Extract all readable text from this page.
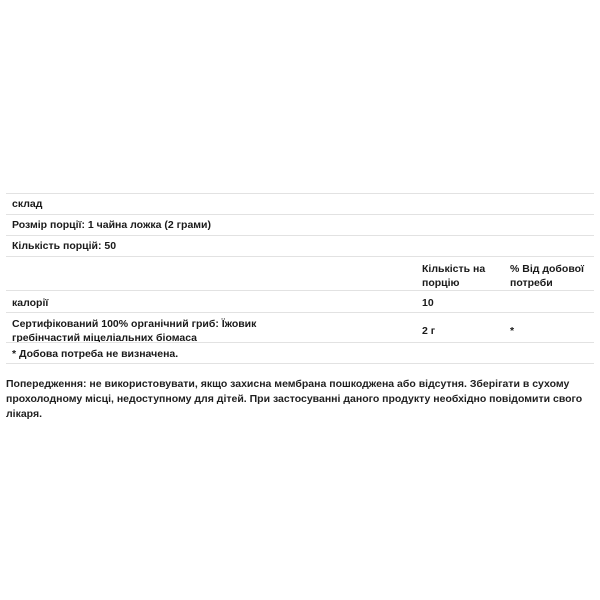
склад
Розмір порції: 1 чайна ложка (2 грами)
Кількість порцій: 50
Кількість на порцію
% Від добової потреби
калорії	10
Сертифікований 100% органічний гриб: Їжовик гребінчастий міцеліальних біомаса
2 г	*
* Добова потреба не визначена.
Попередження: не використовувати, якщо захисна мембрана пошкоджена або відсутня. Зберігати в сухому прохолодному місці, недоступному для дітей. При застосуванні даного продукту необхідно повідомити свого лікаря.
